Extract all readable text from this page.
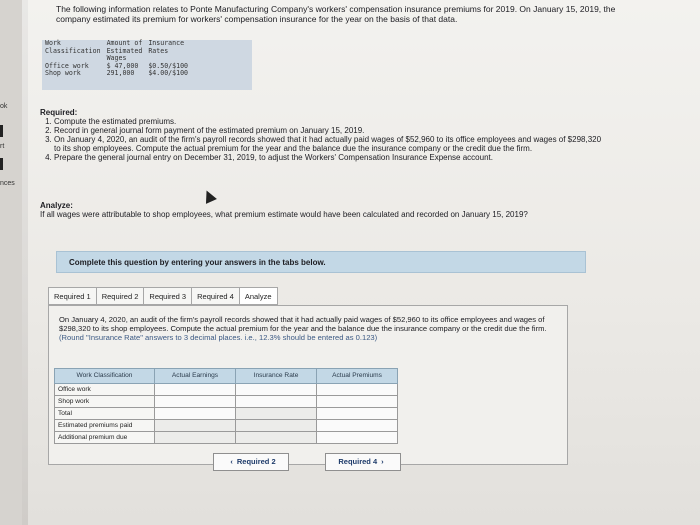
ok
rt
nces
The following information relates to Ponte Manufacturing Company's workers' compensation insurance premiums for 2019. On January 15, 2019, the company estimated its premium for workers' compensation insurance for the year on the basis of that data.
Work	Amount of	Insurance
Classification	Estimated	Rates
	Wages	
Office work	$ 47,000	$0.50/$100
Shop work	291,000	$4.00/$100
Required:
1. Compute the estimated premiums.
2. Record in general journal form payment of the estimated premium on January 15, 2019.
3. On January 4, 2020, an audit of the firm's payroll records showed that it had actually paid wages of $52,960 to its office employees and wages of $298,320 to its shop employees. Compute the actual premium for the year and the balance due the insurance company or the credit due the firm.
4. Prepare the general journal entry on December 31, 2019, to adjust the Workers' Compensation Insurance Expense account.
Analyze:
If all wages were attributable to shop employees, what premium estimate would have been calculated and recorded on January 15, 2019?
Complete this question by entering your answers in the tabs below.
Required 1	Required 2	Required 3	Required 4	Analyze
On January 4, 2020, an audit of the firm's payroll records showed that it had actually paid wages of $52,960 to its office employees and wages of $298,320 to its shop employees. Compute the actual premium for the year and the balance due the insurance company or the credit due the firm. (Round "Insurance Rate" answers to 3 decimal places. i.e., 12.3% should be entered as 0.123)
Work Classification	Actual Earnings	Insurance Rate	Actual Premiums
Office work			
Shop work			
Total			
Estimated premiums paid			
Additional premium due			
‹ Required 2	Required 4 ›
